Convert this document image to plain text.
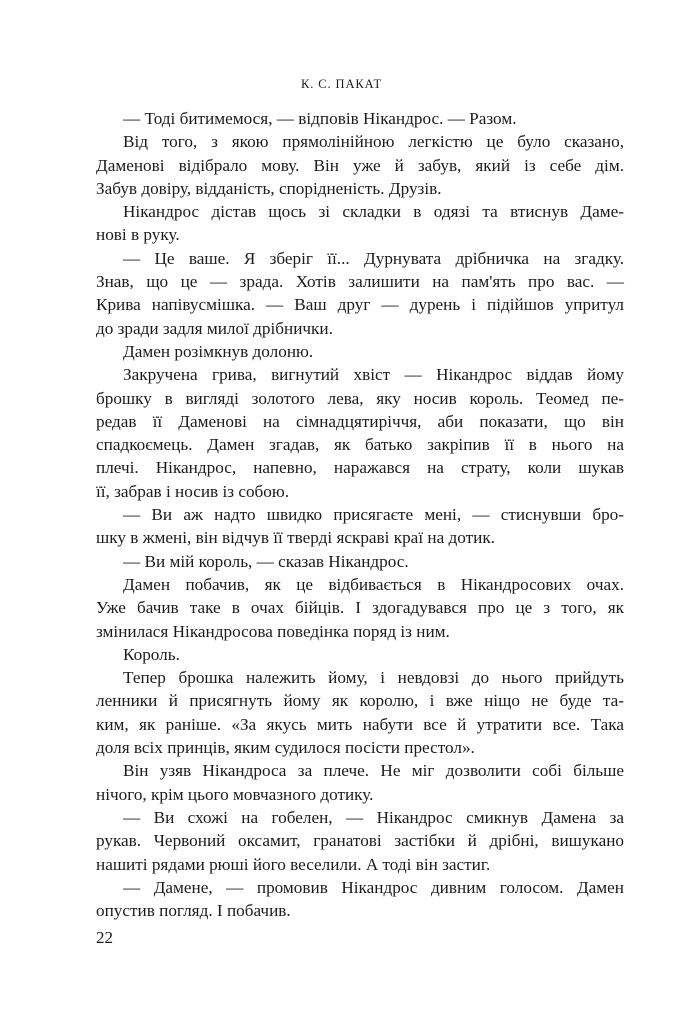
К. С. ПАКАТ
— Тоді битимемося, — відповів Нікандрос. — Разом.
Від того, з якою прямолінійною легкістю це було сказано,
Даменові відібрало мову. Він уже й забув, який із себе дім.
Забув довіру, відданість, спорідненість. Друзів.
Нікандрос дістав щось зі складки в одязі та втиснув Даме-
нові в руку.
— Це ваше. Я зберіг її... Дурнувата дрібничка на згадку.
Знав, що це — зрада. Хотів залишити на пам'ять про вас. —
Крива напівусмішка. — Ваш друг — дурень і підійшов упритул
до зради задля милої дрібнички.
Дамен розімкнув долоню.
Закручена грива, вигнутий хвіст — Нікандрос віддав йому
брошку в вигляді золотого лева, яку носив король. Теомед пе-
редав її Даменові на сімнадцятиріччя, аби показати, що він
спадкоємець. Дамен згадав, як батько закріпив її в нього на
плечі. Нікандрос, напевно, наражався на страту, коли шукав
її, забрав і носив із собою.
— Ви аж надто швидко присягаєте мені, — стиснувши бро-
шку в жмені, він відчув її тверді яскраві краї на дотик.
— Ви мій король, — сказав Нікандрос.
Дамен побачив, як це відбивається в Нікандросових очах.
Уже бачив таке в очах бійців. І здогадувався про це з того, як
змінилася Нікандросова поведінка поряд із ним.
Король.
Тепер брошка належить йому, і невдовзі до нього прийдуть
ленники й присягнуть йому як королю, і вже ніщо не буде та-
ким, як раніше. «За якусь мить набути все й утратити все. Така
доля всіх принців, яким судилося посісти престол».
Він узяв Нікандроса за плече. Не міг дозволити собі більше
нічого, крім цього мовчазного дотику.
— Ви схожі на гобелен, — Нікандрос смикнув Дамена за
рукав. Червоний оксамит, гранатові застібки й дрібні, вишукано
нашиті рядами рюші його веселили. А тоді він застиг.
— Дамене, — промовив Нікандрос дивним голосом. Дамен
опустив погляд. І побачив.
22
